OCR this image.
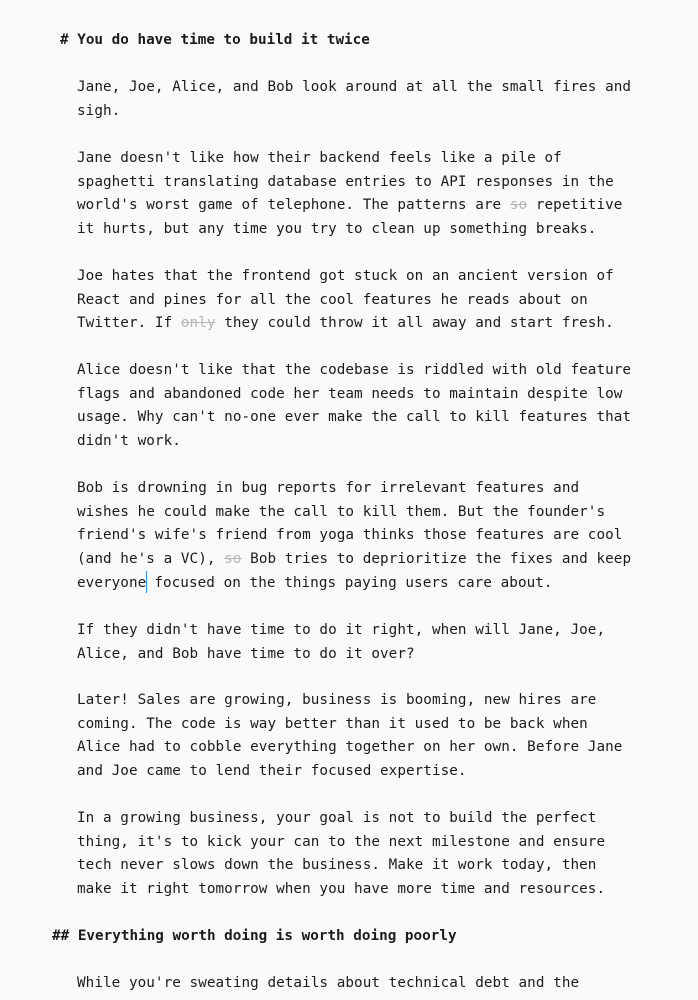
# You do have time to build it twice
Jane, Joe, Alice, and Bob look around at all the small fires and
sigh.
Jane doesn't like how their backend feels like a pile of
spaghetti translating database entries to API responses in the
world's worst game of telephone. The patterns are so repetitive
it hurts, but any time you try to clean up something breaks.
Joe hates that the frontend got stuck on an ancient version of
React and pines for all the cool features he reads about on
Twitter. If only they could throw it all away and start fresh.
Alice doesn't like that the codebase is riddled with old feature
flags and abandoned code her team needs to maintain despite low
usage. Why can't no-one ever make the call to kill features that
didn't work.
Bob is drowning in bug reports for irrelevant features and
wishes he could make the call to kill them. But the founder's
friend's wife's friend from yoga thinks those features are cool
(and he's a VC), so Bob tries to deprioritize the fixes and keep
everyone focused on the things paying users care about.
If they didn't have time to do it right, when will Jane, Joe,
Alice, and Bob have time to do it over?
Later! Sales are growing, business is booming, new hires are
coming. The code is way better than it used to be back when
Alice had to cobble everything together on her own. Before Jane
and Joe came to lend their focused expertise.
In a growing business, your goal is not to build the perfect
thing, it's to kick your can to the next milestone and ensure
tech never slows down the business. Make it work today, then
make it right tomorrow when you have more time and resources.
## Everything worth doing is worth doing poorly
While you're sweating details about technical debt and the
